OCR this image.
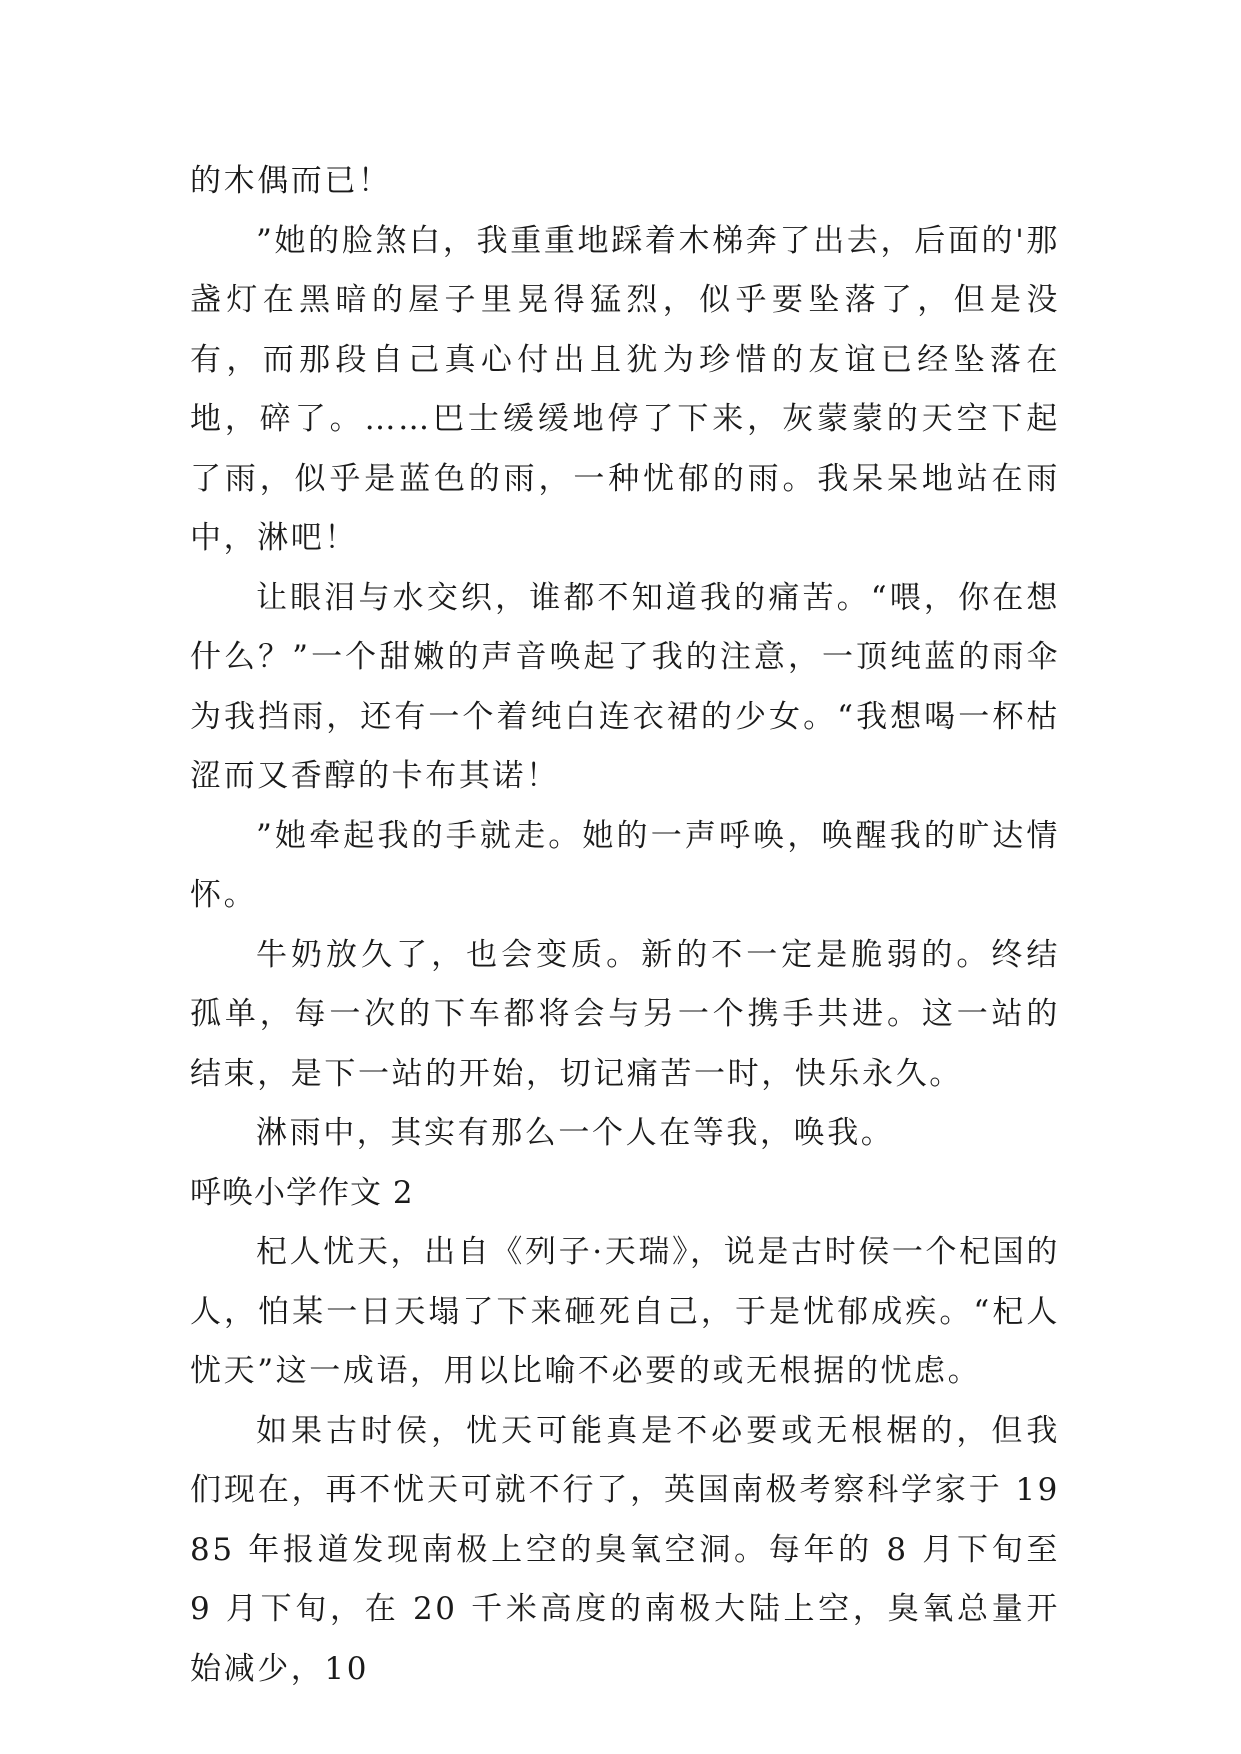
的木偶而已！

”她的脸煞白，我重重地踩着木梯奔了出去，后面的'那盏灯在黑暗的屋子里晃得猛烈，似乎要坠落了，但是没有，而那段自己真心付出且犹为珍惜的友谊已经坠落在地，碎了。……巴士缓缓地停了下来，灰蒙蒙的天空下起了雨，似乎是蓝色的雨，一种忧郁的雨。我呆呆地站在雨中，淋吧！

让眼泪与水交织，谁都不知道我的痛苦。“喂，你在想什么？”一个甜嫩的声音唤起了我的注意，一顶纯蓝的雨伞为我挡雨，还有一个着纯白连衣裙的少女。“我想喝一杯枯涩而又香醇的卡布其诺！

”她牵起我的手就走。她的一声呼唤，唤醒我的旷达情怀。

牛奶放久了，也会变质。新的不一定是脆弱的。终结孤单，每一次的下车都将会与另一个携手共进。这一站的结束，是下一站的开始，切记痛苦一时，快乐永久。

淋雨中，其实有那么一个人在等我，唤我。

呼唤小学作文 2

杞人忧天，出自《列子·天瑞》，说是古时侯一个杞国的人，怕某一日天塌了下来砸死自己，于是忧郁成疾。“杞人忧天”这一成语，用以比喻不必要的或无根据的忧虑。

如果古时侯，忧天可能真是不必要或无根椐的，但我们现在，再不忧天可就不行了，英国南极考察科学家于 1985 年报道发现南极上空的臭氧空洞。每年的 8 月下旬至 9 月下旬，在 20 千米高度的南极大陆上空，臭氧总量开始减少，10
